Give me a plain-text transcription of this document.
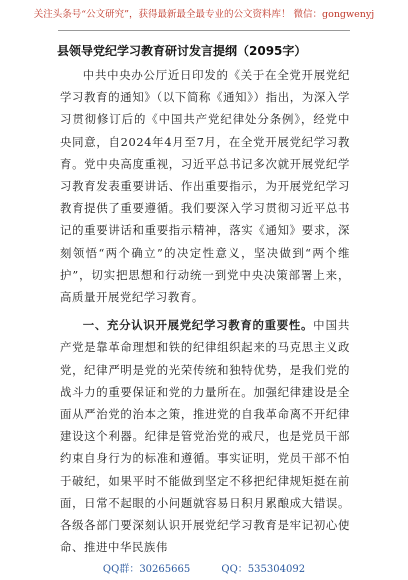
关注头条号“公文研究”，获得最新最全最专业的公文资料库！ 微信：gongwenyj
县领导党纪学习教育研讨发言提纲（2095字）

中共中央办公厅近日印发的《关于在全党开展党纪学习教育的通知》（以下简称《通知》）指出，为深入学习贯彻修订后的《中国共产党纪律处分条例》，经党中央同意，自2024年4月至7月，在全党开展党纪学习教育。党中央高度重视，习近平总书记多次就开展党纪学习教育发表重要讲话、作出重要指示，为开展党纪学习教育提供了重要遵循。我们要深入学习贯彻习近平总书记的重要讲话和重要指示精神，落实《通知》要求，深刻领悟“两个确立”的决定性意义，坚决做到“两个维护”，切实把思想和行动统一到党中央决策部署上来，高质量开展党纪学习教育。

一、充分认识开展党纪学习教育的重要性。中国共产党是靠革命理想和铁的纪律组织起来的马克思主义政党，纪律严明是党的光荣传统和独特优势，是我们党的战斗力的重要保证和党的力量所在。加强纪律建设是全面从严治党的治本之策，推进党的自我革命离不开纪律建设这个利器。纪律是管党治党的戒尺，也是党员干部约束自身行为的标准和遵循。事实证明，党员干部不怕于破纪，如果平时不能做到坚定不移把纪律规矩挺在前面，日常不起眼的小问题就容易日积月累酿成大错误。各级各部门要深刻认识开展党纪学习教育是牢记初心使命、推进中华民族伟

QQ群：30265665	QQ：535304092
